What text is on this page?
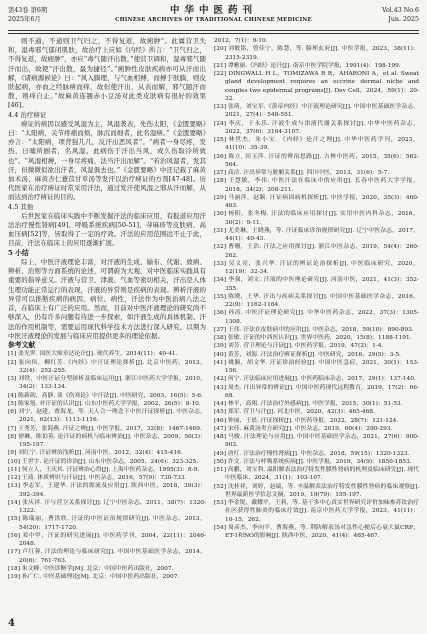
第43卷 第6期
2025年6月
中华中医药刊
CHINESE ARCHIVES OF TRADITIONAL CHINESE MEDICINE
Vol.43 No.6
Jun. 2025

则不通，不通则卫气归之，不得复返，故痈肿”。此属营卫失和，湿毒邪气郁闭肌肤，故治疗上应如《内经》所言：“卫气归之，不得复返，故痈肿”，亦应“毒气随汗出散，”使营卫调和，湿毒邪气随汗而出，故使“汗出散，最为捷径”。”痈肿性皮肤疾病亦可从汗而出解，《诸病源候论》曰：“风入腠理，与气血相搏，而搏于肤腠，则皮肤起病，亦血之经脉痹而痒，故但使汗出，从表而解，邪气随汗而散，则痒自止。”故麻黄连翘赤小豆汤对此类皮肤病有很好的效果[46]。

4.4 治疗痹证

痹证的病因以感受风湿为主，风湿袭表，先伤太阳，《金匮要略》曰：“太阳病，关节疼痛而烦，脉沉而细者，此名湿痹。”《金匮要略》亦言：“太阳病，项背强几几，反汗出恶风者”。“病者一身尽疼，发热，日晡所剧者，名风湿。此病伤于汗出当风，或久伤取冷所致也”。“风湿相搏，一身尽疼痛，法当汗出而解”。“若治风湿者，发其汗，但微微似欲出汗者，风湿俱去也。”《金匮要略》中还记载了麻黄加术汤、麻黄杏仁薏苡甘草汤等发汗以治疗痹证的方剂[47-48]。历代医家在治疗痹证时常采用汗法，通过发汗使风湿之邪从汗而解，从而达到治疗痹证的目的。

4.5 其他

后世医家在临床实践中不断发掘汗法的临床应用，有报道应用汗法治疗慢性肾病[49]、呼吸系统疾病[50-51]、荨麻疹等皮肤病、高血压病[52]等，皆取得了一定的疗效。汗法的应用范围远不止于此，目前，汗法在临床上的应用逐渐扩展。

5 小结

综上，中医汗液理论丰富，对汗液的生成、输布、代谢、致病、辨析、治则等方面系统的论述，可谓蔚为大观，对中医临床实践具有重要的指导意义。汗液与营卫、津液、气血等密切相关，汗出是人体生理功能正常运行的表现，汗液的异常则是疾病的表现。辨析汗液的异常可以推断疾病的病因、病位、病性，汗法作为中医治病八法之首，在临床上有广泛的应用。然而，目前对中医汗液理论的研究尚不够深入，仍有许多问题有待进一步探索，如汗液生成的具体机制、汗法的作用机制等，需要运用现代科学技术方法进行深入研究，以期为中医汗液理论的发展与临床应用提供更多的理论依据。

参考文献
[1] 张光霁. 国医大师章达论汗[J]. 现代养生，2014(11)：40-41.
[2] 张向伟，柳红芳.《内经》中汗证理论探析[J]. 北京中医药，2013，32(4)：252-255.
[3] 刘铁，中医汗证分型探析及临床运用[J]. 浙江中医药大学学报，2010，34(2)：133-134.
[4] 陈新韵，高静. 谈《伤寒论》中汗法[J]. 中医研究，2003，16(5)：5-6.
[5] 陈家旭. 对汗证的认识[J]. 山东中医药大学学报，2002，26(5)：8-10.
[6] 刘宁，赵建，贾海龙，等. 天人合一理念下中医汗证探析[J]. 中医杂志，2021，62(13)：1113-1116.
[7] 王秀芳，张海燕. 汗证之辨[J]. 中医学报，2017，32(8)：1467-1469.
[8] 徐琳，陈伯英. 论汗证的病机与临床辨治[J]. 中医杂志，2009，50(3)：195-197.
[9] 刘红宁. 汗证辨治浅析[J]. 河南中医，2012，32(4)：415-416.
[10] 王世宇. 论汗证的诊治[J]. 山东中医杂志，2005，24(6)：323-325.
[11] 何立人，王庆其. 汗证辨治心得[J]. 上海中医药杂志，1995(3)：8-9.
[12] 王琦. 体质辨识与汗证[J]. 中医杂志，2016，57(9)：730-733.
[13] 李志军，王建华. 汗法的源流及应用[J]. 陕西中医，2018，39(3)：392-394.
[14] 张庆祥. 汗与营卫关系探讨[J]. 辽宁中医杂志，2011，38(7)：1320-1322.
[15] 陈瑞丽，曹洪欣. 汗证的中医证治规律研究[J]. 中医杂志，2013，54(20)：1717-1720.
[16] 邓中甲，汗证的研究进展[J]. 中医药学刊，2004，22(11)：2046-2048.
[17] 卢红蓉. 汗法的理论与临床研究[J]. 中国中医基础医学杂志，2014，20(6)：761-763.
[18] 朱文峰. 中医诊断学[M]. 北京：中国中医药出版社，2007.
[19] 孙广仁. 中医基础理论[M]. 北京：中国中医药出版社，2007.
2012，7(1)：9-10.
[20] 刘敏铭，曾佳宁，陈慧，等. 腠理玄府[J]. 中医学报，2023，38(11)：2315-2319.
[21] 谭雅丽.《内经》论汗[J]. 南京中医学院学报，1991(4)：198-199.
[22] DINGWALL H L，TOMIZAWA R R，AHARONI A，et al. Sweat gland development requires an eccrine dermal niche and couples two epidermal programs[J]. Dev Cell，2024，59(1)：20-32.
[23] 张萌，刘宝军.《黄帝内经》中汗液理论研究[J]. 中国中医基础医学杂志，2021，27(4)：548-551.
[24] 李庆，于永乐. 汗液生成与津液代谢关系探讨[J]. 中华中医药杂志，2022，37(6)：3104-3107.
[25] 林世杰，朱小宝. 《内经》论汗之理[J]. 中华中医药学刊，2023，41(10)：35-39.
[26] 陈立, 田玉萍. 汗证的辨治思路[J]. 吉林中医药，2015，35(6)：562-564.
[27] 高洁. 汗出异常与脏腑关系[J]. 四川中医，2013，31(6)：5-7.
[28] 王慧敏，李伟. 中医汗法在临床中的应用[J]. 长春中医药大学学报，2018，34(2)：208-211.
[29] 马丽萍，赵颖. 汗证病因病机探析[J]. 中医学报，2020，35(3)：460-463.
[30] 杨阳，张冬梅. 汗法的临床应用探讨[J]. 实用中医内科杂志，2016，30(2)：9-11.
[31] 尤美琳，王晓燕，等. 汗证临床诊治规律研究[J]. 辽宁中医杂志，2017，44(1)：40-43.
[32] 曹珊，王浩. 汗法之应用探讨[J]. 浙江中医杂志，2019，54(4)：260-262.
[33] 吴义亮，张兴华. 汗证的辨证论治探析[J]. 中医临床研究，2020，12(19)：32-34.
[34] 李强，刘文. 汗液的中医理论研究[J]. 河南中医，2021，41(3)：352-355.
[35] 陈晓，王华. 汗出与疾病关系探讨[J]. 中国中医基础医学杂志，2016，22(9)：1162-1164.
[36] 孙涛. 中医汗证理论研究[J]. 中华中医药杂志，2022，37(3)：1305-1308.
[37] 王伟. 汗法在皮肤病中的应用[J]. 中医杂志，2018，59(10)：890-893.
[38] 张敏. 汗证的中西医认识[J]. 世界中医药，2020，15(8)：1188-1191.
[39] 刘芳. 营卫理论与汗证[J]. 中医药学报，2019，47(2)：1-4.
[40] 黄芳，刘海. 汗法治疗痹证探析[J]. 中医研究，2016，29(5)：3-5.
[41] 姚颖，胡文华. 汗证诊治经验[J]. 中国中医急症，2021，30(1)：153-156.
[42] 何宁. 汗法临床应用进展[J]. 中医药临床杂志，2017，29(1)：137-140.
[43] 周杰. 汗出异常的辨证[J]. 中国中医药现代远程教育，2019，17(2)：66-68.
[44] 林平，高翔. 汗法治疗外感病[J]. 中医学报，2015，30(1)：51-53.
[45] 郑军. 营卫与汗[J]. 河北中医，2020，42(3)：465-468.
[46] 钟丽，王晨. 汗证探析[J]. 中医药导报，2022，28(7)：121-124.
[47] 宋佳. 麻黄汤类方研究[J]. 中医杂志，2019，60(4)：290-293.
[48] 马骏. 汗法理论与应用[J]. 中国中医基础医学杂志，2021，27(6)：900-903.
[49] 唐红. 汗法治疗慢性肾病[J]. 中医杂志，2018，59(15)：1320-1323.
[50] 许文. 汗法与呼吸系统疾病[J]. 中医学报，2019，34(9)：1850-1853.
[51] 高鹏，刘宝利. 温阳解表法治疗特发性膜性肾病的机理及临床研究[J]. 现代中医临床，2024，31(1)：103-107.
[52] 沈桂祥，刘婷，赵瑞，等. 辛温解表法治疗特发性膜性肾病的临床观察[J]. 世界最新医学信息文摘，2019，19(79)：195-197.
[53] 李金锐，戴耀平，王莉，等. 基于多中心真实世界研究评价加味参苏饮治疗社区获得性肺炎的临床疗效[J]. 南京中医药大学学报，2023，41(11)：10-15，262.
[54] 周彦杰，李向平，曹海燕，等. 荆防解表汤对急性心梗后心衰大鼠CRP、ET-1和NO的影响[J]. 陕西中医，2020，41(4)：465-467.
4
